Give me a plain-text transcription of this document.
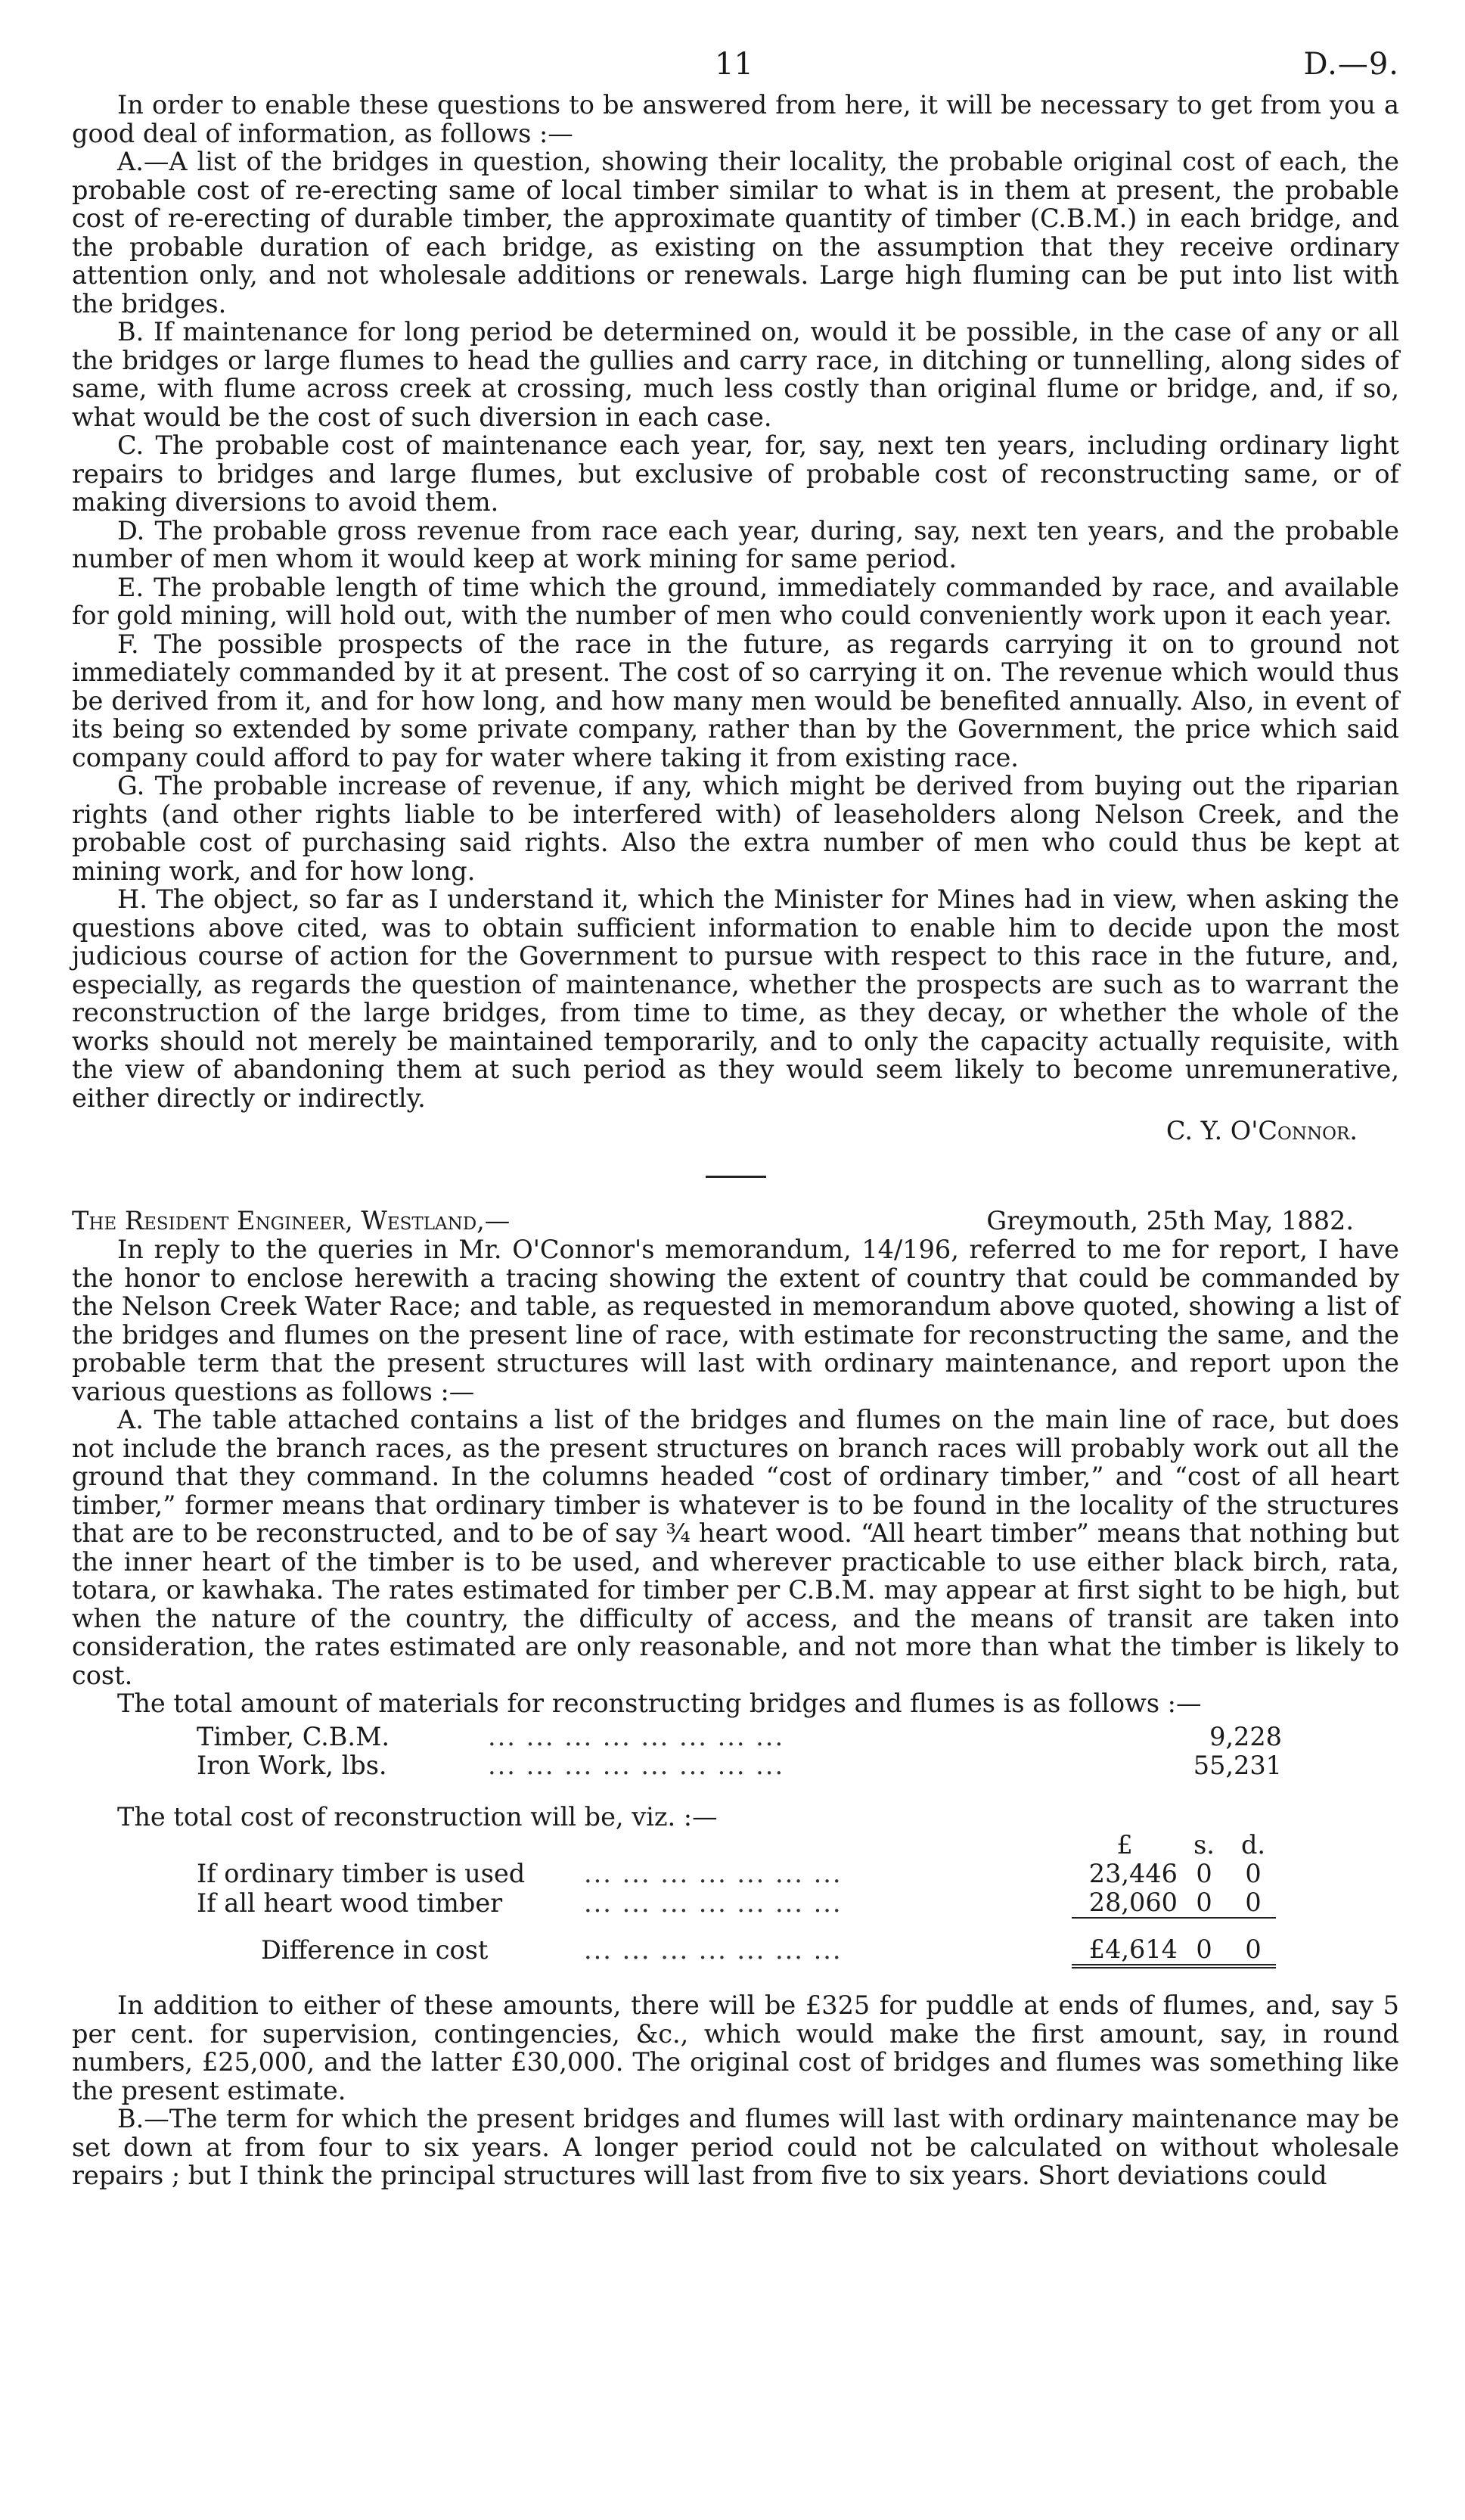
11	D.—9.

In order to enable these questions to be answered from here, it will be necessary to get from you a good deal of information, as follows :—

A.—A list of the bridges in question, showing their locality, the probable original cost of each, the probable cost of re-erecting same of local timber similar to what is in them at present, the probable cost of re-erecting of durable timber, the approximate quantity of timber (C.B.M.) in each bridge, and the probable duration of each bridge, as existing on the assumption that they receive ordinary attention only, and not wholesale additions or renewals. Large high fluming can be put into list with the bridges.

B. If maintenance for long period be determined on, would it be possible, in the case of any or all the bridges or large flumes to head the gullies and carry race, in ditching or tunnelling, along sides of same, with flume across creek at crossing, much less costly than original flume or bridge, and, if so, what would be the cost of such diversion in each case.

C. The probable cost of maintenance each year, for, say, next ten years, including ordinary light repairs to bridges and large flumes, but exclusive of probable cost of reconstructing same, or of making diversions to avoid them.

D. The probable gross revenue from race each year, during, say, next ten years, and the probable number of men whom it would keep at work mining for same period.

E. The probable length of time which the ground, immediately commanded by race, and available for gold mining, will hold out, with the number of men who could conveniently work upon it each year.

F. The possible prospects of the race in the future, as regards carrying it on to ground not immediately commanded by it at present. The cost of so carrying it on. The revenue which would thus be derived from it, and for how long, and how many men would be benefited annually. Also, in event of its being so extended by some private company, rather than by the Government, the price which said company could afford to pay for water where taking it from existing race.

G. The probable increase of revenue, if any, which might be derived from buying out the riparian rights (and other rights liable to be interfered with) of leaseholders along Nelson Creek, and the probable cost of purchasing said rights. Also the extra number of men who could thus be kept at mining work, and for how long.

H. The object, so far as I understand it, which the Minister for Mines had in view, when asking the questions above cited, was to obtain sufficient information to enable him to decide upon the most judicious course of action for the Government to pursue with respect to this race in the future, and, especially, as regards the question of maintenance, whether the prospects are such as to warrant the reconstruction of the large bridges, from time to time, as they decay, or whether the whole of the works should not merely be maintained temporarily, and to only the capacity actually requisite, with the view of abandoning them at such period as they would seem likely to become unremunerative, either directly or indirectly.

C. Y. O'Connor.
The Resident Engineer, Westland,—	Greymouth, 25th May, 1882.

In reply to the queries in Mr. O'Connor's memorandum, 14/196, referred to me for report, I have the honor to enclose herewith a tracing showing the extent of country that could be commanded by the Nelson Creek Water Race; and table, as requested in memorandum above quoted, showing a list of the bridges and flumes on the present line of race, with estimate for reconstructing the same, and the probable term that the present structures will last with ordinary maintenance, and report upon the various questions as follows :—

A. The table attached contains a list of the bridges and flumes on the main line of race, but does not include the branch races, as the present structures on branch races will probably work out all the ground that they command. In the columns headed “cost of ordinary timber,” and “cost of all heart timber,” former means that ordinary timber is whatever is to be found in the locality of the structures that are to be reconstructed, and to be of say ¾ heart wood. “All heart timber” means that nothing but the inner heart of the timber is to be used, and wherever practicable to use either black birch, rata, totara, or kawhaka. The rates estimated for timber per C.B.M. may appear at first sight to be high, but when the nature of the country, the difficulty of access, and the means of transit are taken into consideration, the rates estimated are only reasonable, and not more than what the timber is likely to cost.

The total amount of materials for reconstructing bridges and flumes is as follows :—

Timber, C.B.M.	... ... ... ... ... ... ... ...	9,228
Iron Work, lbs.	... ... ... ... ... ... ... ...	55,231

The total cost of reconstruction will be, viz. :—

		£	s.	d.
If ordinary timber is used	... ... ... ... ... ... ...	23,446	0	0
If all heart wood timber	... ... ... ... ... ... ...	28,060	0	0
Difference in cost	... ... ... ... ... ... ...	£4,614	0	0

In addition to either of these amounts, there will be £325 for puddle at ends of flumes, and, say 5 per cent. for supervision, contingencies, &c., which would make the first amount, say, in round numbers, £25,000, and the latter £30,000. The original cost of bridges and flumes was something like the present estimate.

B.—The term for which the present bridges and flumes will last with ordinary maintenance may be set down at from four to six years. A longer period could not be calculated on without wholesale repairs ; but I think the principal structures will last from five to six years. Short deviations could
